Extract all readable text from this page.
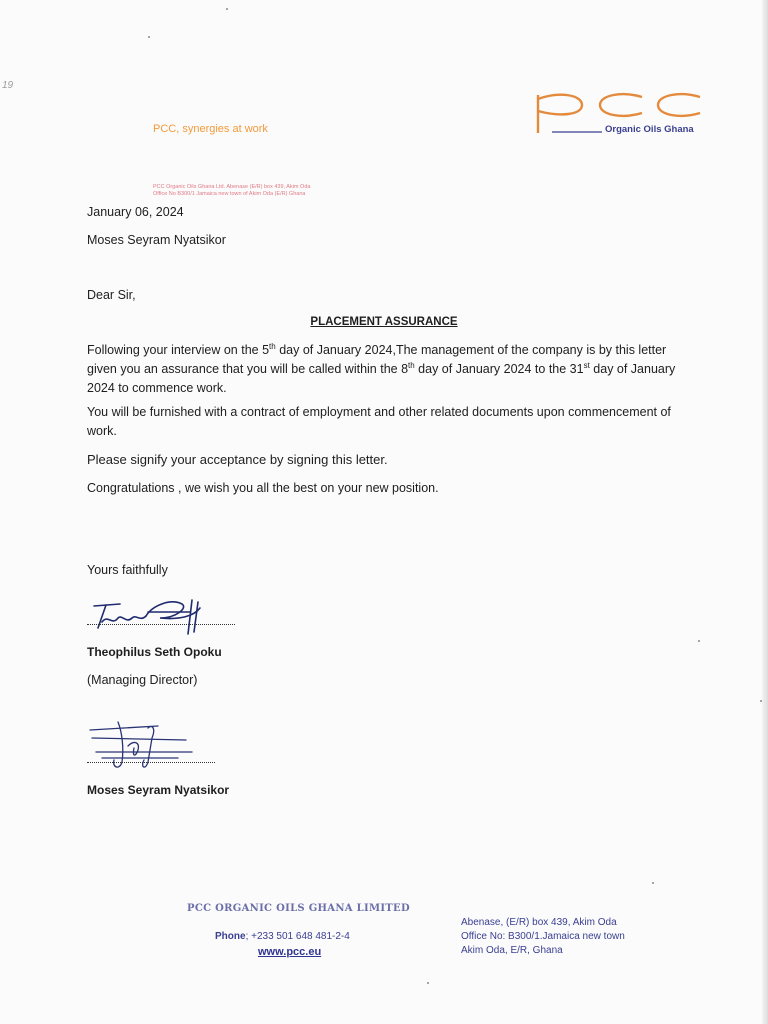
19
PCC, synergies at work	Organic Oils Ghana
PCC Organic Oils Ghana Ltd. Abenase (E/R) box 439, Akim Oda
Office No B300/1 Jamaica new town of Akim Oda (E/R) Ghana
January 06, 2024
Moses Seyram Nyatsikor
Dear Sir,
PLACEMENT ASSURANCE
Following your interview on the 5th day of January 2024,The management of the company is by this letter given you an assurance that you will be called within the 8th day of January 2024 to the 31st day of January 2024 to commence work.
You will be furnished with a contract of employment and other related documents upon commencement of work.
Please signify your acceptance by signing this letter.
Congratulations , we wish you all the best on your new position.
Yours faithfully
Theophilus Seth Opoku
(Managing Director)
Moses Seyram Nyatsikor
PCC ORGANIC OILS GHANA LIMITED
Phone; +233 501 648 481-2-4
www.pcc.eu
Abenase, (E/R) box 439, Akim Oda
Office No: B300/1.Jamaica new town
Akim Oda, E/R, Ghana
